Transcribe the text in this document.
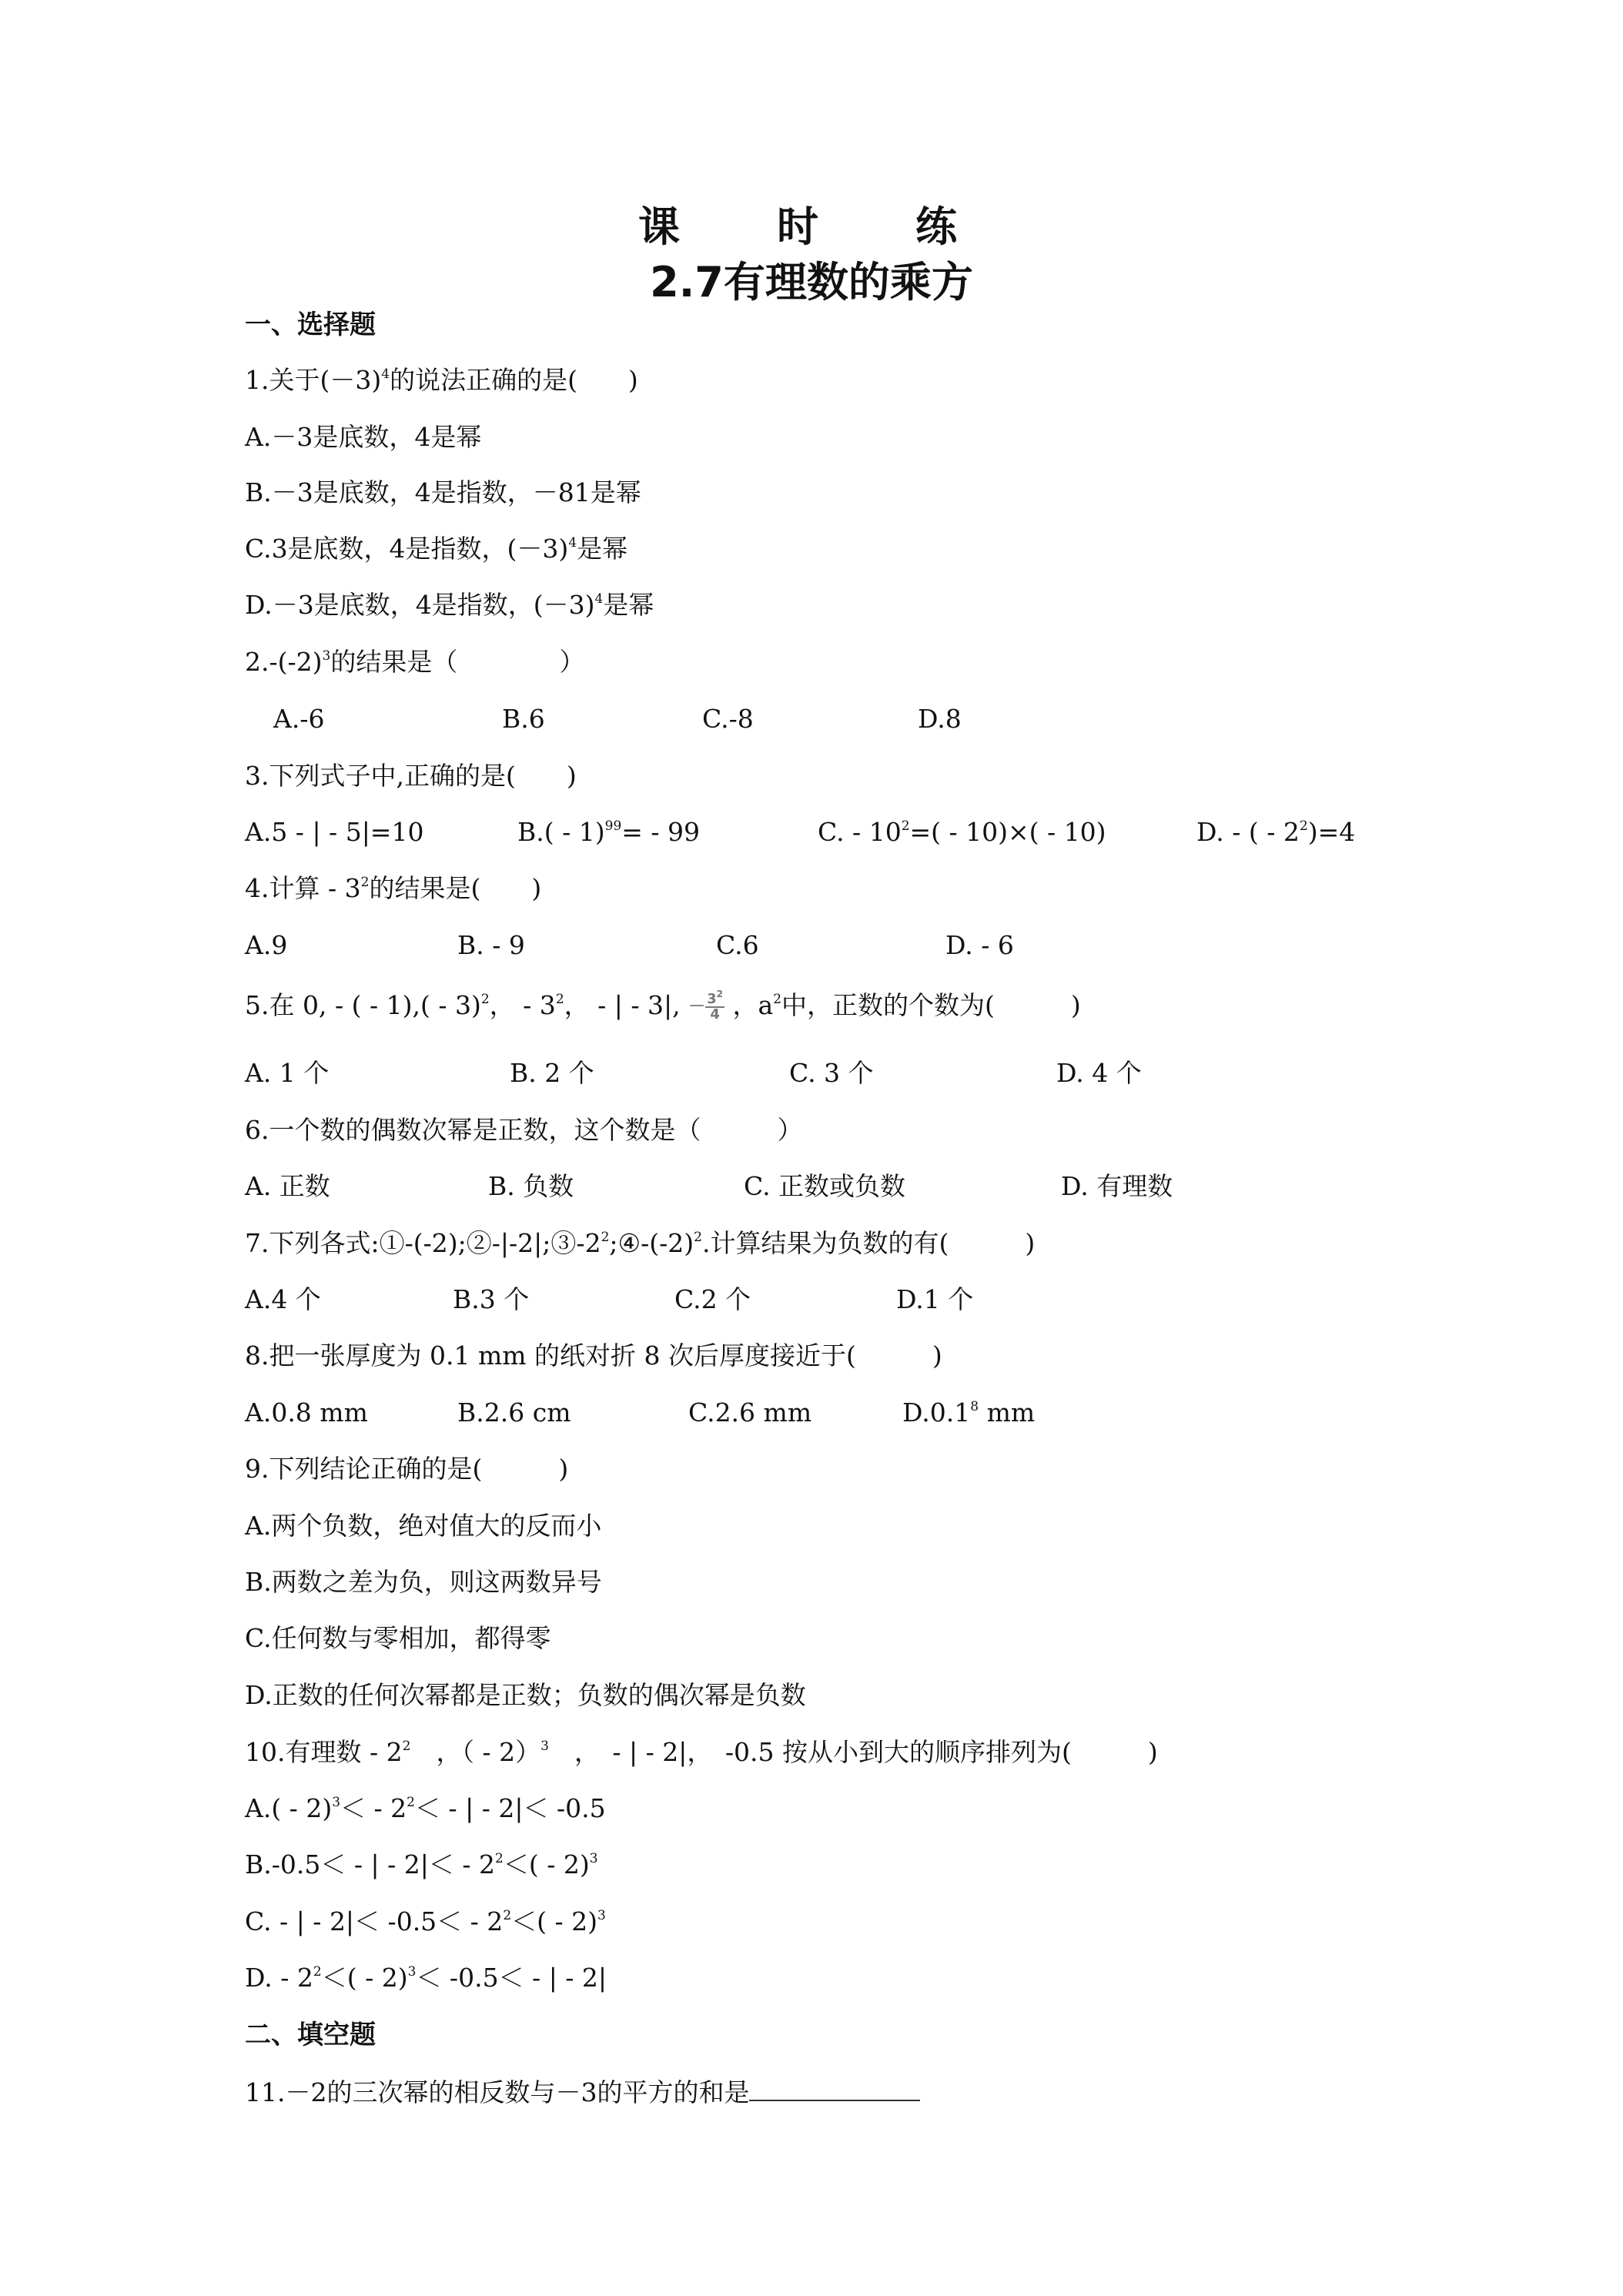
课　时　练
2.7有理数的乘方
一、选择题
1.关于$(-3)^4$的说法正确的是(　　)
A.－3是底数，4是幂
B.－3是底数，4是指数，－81是幂
C.3是底数，4是指数，$(-3)^4$是幂
D.－3是底数，4是指数，$(-3)^4$是幂
$2.-(-2)^3$的结果是（　　　　）
A.-6	B.6	C.-8	D.8
3.下列式子中,正确的是(　　)
A.5 - | - 5|=10	B.( - 1)$^{99}$= - 99	C. - $10^2=( - 10)\times( - 10)$	D. - ( - $2^2)=4$
4.计算 - $3^2$的结果是(　　)
A.9	B. - 9	C.6	D. - 6
5.在 0, - ( - 1),( - 3)$^2$， - $3^2$， - | - 3|, － $\frac{3^2}{4}$ ，$a^2$中，正数的个数为(　　　)
A. 1 个	B. 2 个	C. 3 个	D. 4 个
6.一个数的偶数次幂是正数，这个数是（　　　）
A. 正数	B. 负数	C. 正数或负数	D. 有理数
7.下列各式$:①-(-2);②-|-2|;③-2^2;④-(-2)^2$.计算结果为负数的有(　　　)
A.4 个	B.3 个	C.2 个	D.1 个
8.把一张厚度为 0.1 mm 的纸对折 8 次后厚度接近于(　　　)
A.0.8 mm	B.2.6 cm	C.2.6 mm	D.0.1$^8$ mm
9.下列结论正确的是(　　　)
A.两个负数，绝对值大的反而小
B.两数之差为负，则这两数异号
C.任何数与零相加，都得零
D.正数的任何次幂都是正数；负数的偶次幂是负数
10.有理数 - $2^2$　，（ - 2）$^3$　，　- | - 2|，　-0.5 按从小到大的顺序排列为(　　　)
$A.( - 2)^3< - 2^2<$ - | - 2|＜ -0.5
B.-0.5＜ - | - $2|< - 2^2<( - 2)^3$
C. - | - $2|< -0.5< - 2^2<( - 2)^3$
D. - $2^2<( - 2)^3< -0.5<$ - | - 2|
二、填空题
11.－2的三次幂的相反数与－3的平方的和是
